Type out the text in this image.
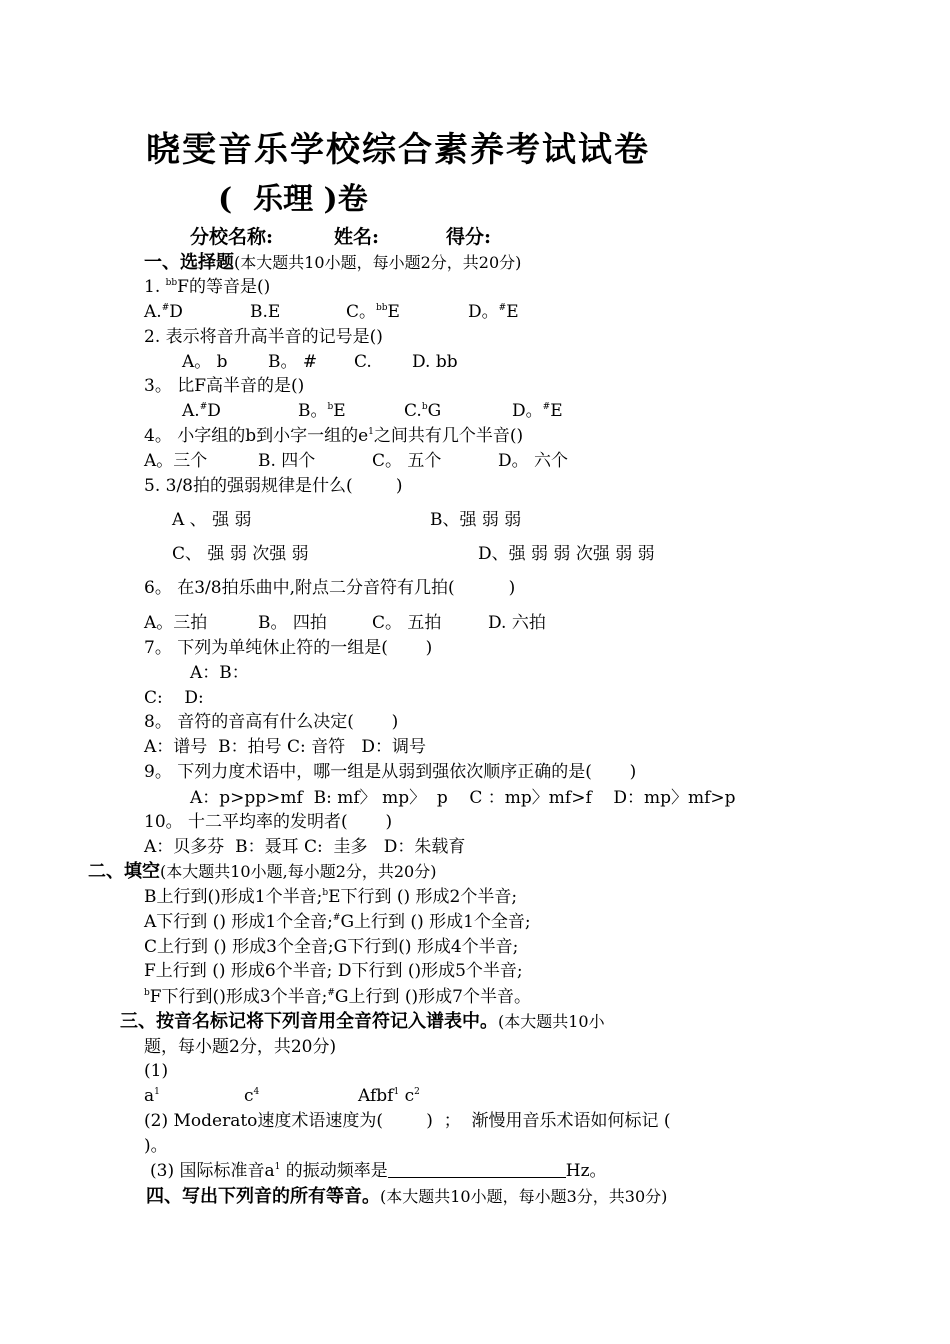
晓雯音乐学校综合素养考试试卷
(  乐理 )卷
分校名称:	姓名:	得分:
一、选择题(本大题共10小题，每小题2分，共20分)
1. $^{bb}$F的等音是()
A.#D	B.E	C。$^{bb}$E	D。#E
2. 表示将音升高半音的记号是()
A。 b B。 # C. D. bb
3。 比F高半音的是()
A.#D	B。$^b$E	C.$^b$G	D。#E
4。 小字组的b到小字一组的$e^1$之间共有几个半音()
A。三个	B. 四个	C。 五个	D。 六个
5. 3/8拍的强弱规律是什么(        )
A 、 强 弱	B、强 弱 弱
C、 强 弱 次强 弱	D、强 弱 弱 次强 弱 弱
6。 在3/8拍乐曲中,附点二分音符有几拍(          )
A。三拍	B。 四拍	C。 五拍	D. 六拍
7。 下列为单纯休止符的一组是(       )
A：B：
C:    D:
8。 音符的音高有什么决定(       )
A：谱号  B：拍号 C: 音符   D：调号
9。 下列力度术语中，哪一组是从弱到强依次顺序正确的是(       )
A：p>pp>mf  B: mf〉 mp〉  p    C ：mp〉mf>f    D：mp〉mf>p
10。 十二平均率的发明者(       )
A：贝多芬  B：聂耳 C:  圭多   D：朱载育
二、填空(本大题共10小题,每小题2分，共20分)
B上行到()形成1个半音;$^b$E下行到 () 形成2个半音;
A下行到 () 形成1个全音;#G上行到 () 形成1个全音;
C上行到 () 形成3个全音;G下行到() 形成4个半音;
F上行到 () 形成6个半音; D下行到 ()形成5个半音;
$^b$F下行到()形成3个半音;#G上行到 ()形成7个半音。
三、按音名标记将下列音用全音符记入谱表中。(本大题共10小
题，每小题2分，共20分)
(1)
$a^1$	$c^4$	Afbf$^1$ $c^2$
(2) Moderato速度术语速度为(        )  ；  渐慢用音乐术语如何标记 (
)。
(3) 国际标准音$a^1$ 的振动频率是	Hz。
四、写出下列音的所有等音。(本大题共10小题，每小题3分，共30分)
